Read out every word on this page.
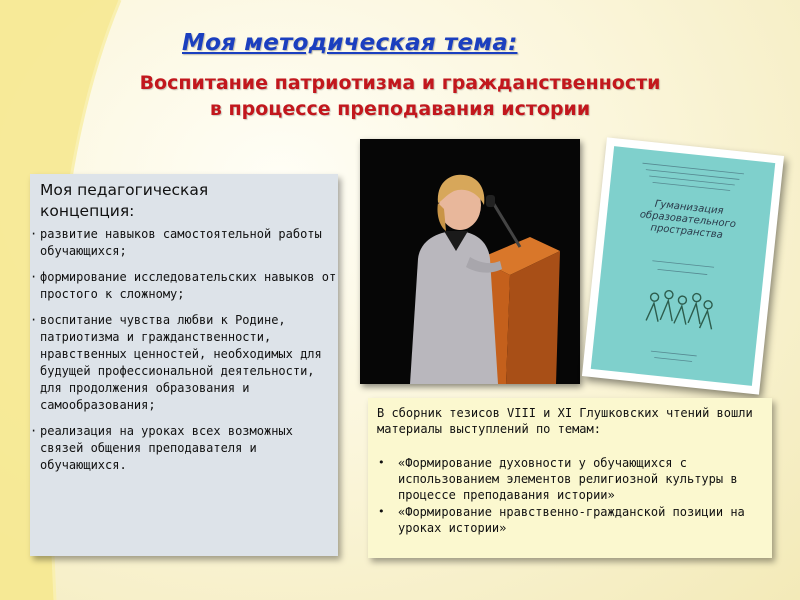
Моя методическая тема:
Воспитание патриотизма и гражданственности
в процессе преподавания истории
Моя педагогическая
концепция:
· развитие навыков самостоятельной работы обучающихся;
· формирование исследовательских навыков от простого к сложному;
· воспитание чувства любви к Родине, патриотизма и гражданственности, нравственных ценностей, необходимых для будущей профессиональной деятельности, для продолжения образования и самообразования;
· реализация на уроках всех возможных связей общения преподавателя и обучающихся.
Гуманизация образовательного пространства
В сборник тезисов VIII и XI Глушковских чтений вошли материалы выступлений по темам:
• «Формирование духовности у обучающихся с использованием элементов религиозной культуры в процессе преподавания истории»
• «Формирование нравственно-гражданской позиции на уроках истории»
